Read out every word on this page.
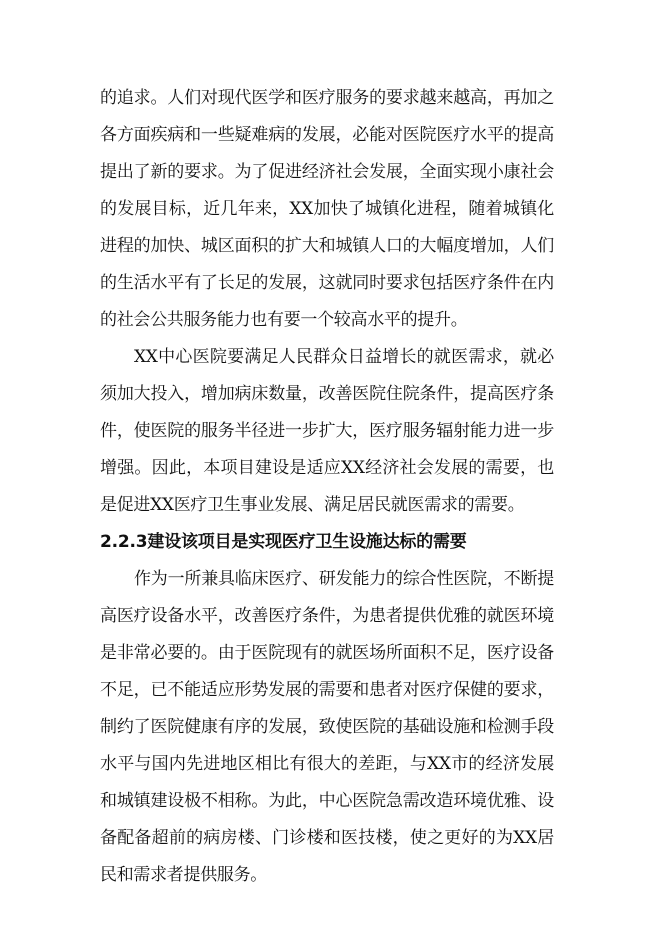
的追求。人们对现代医学和医疗服务的要求越来越高，再加之各方面疾病和一些疑难病的发展，必能对医院医疗水平的提高提出了新的要求。为了促进经济社会发展，全面实现小康社会的发展目标，近几年来，XX加快了城镇化进程，随着城镇化进程的加快、城区面积的扩大和城镇人口的大幅度增加，人们的生活水平有了长足的发展，这就同时要求包括医疗条件在内的社会公共服务能力也有要一个较高水平的提升。

XX中心医院要满足人民群众日益增长的就医需求，就必须加大投入，增加病床数量，改善医院住院条件，提高医疗条件，使医院的服务半径进一步扩大，医疗服务辐射能力进一步增强。因此，本项目建设是适应XX经济社会发展的需要，也是促进XX医疗卫生事业发展、满足居民就医需求的需要。

2.2.3建设该项目是实现医疗卫生设施达标的需要

作为一所兼具临床医疗、研发能力的综合性医院，不断提高医疗设备水平，改善医疗条件，为患者提供优雅的就医环境是非常必要的。由于医院现有的就医场所面积不足，医疗设备不足，已不能适应形势发展的需要和患者对医疗保健的要求，制约了医院健康有序的发展，致使医院的基础设施和检测手段水平与国内先进地区相比有很大的差距，与XX市的经济发展和城镇建设极不相称。为此，中心医院急需改造环境优雅、设备配备超前的病房楼、门诊楼和医技楼，使之更好的为XX居民和需求者提供服务。
